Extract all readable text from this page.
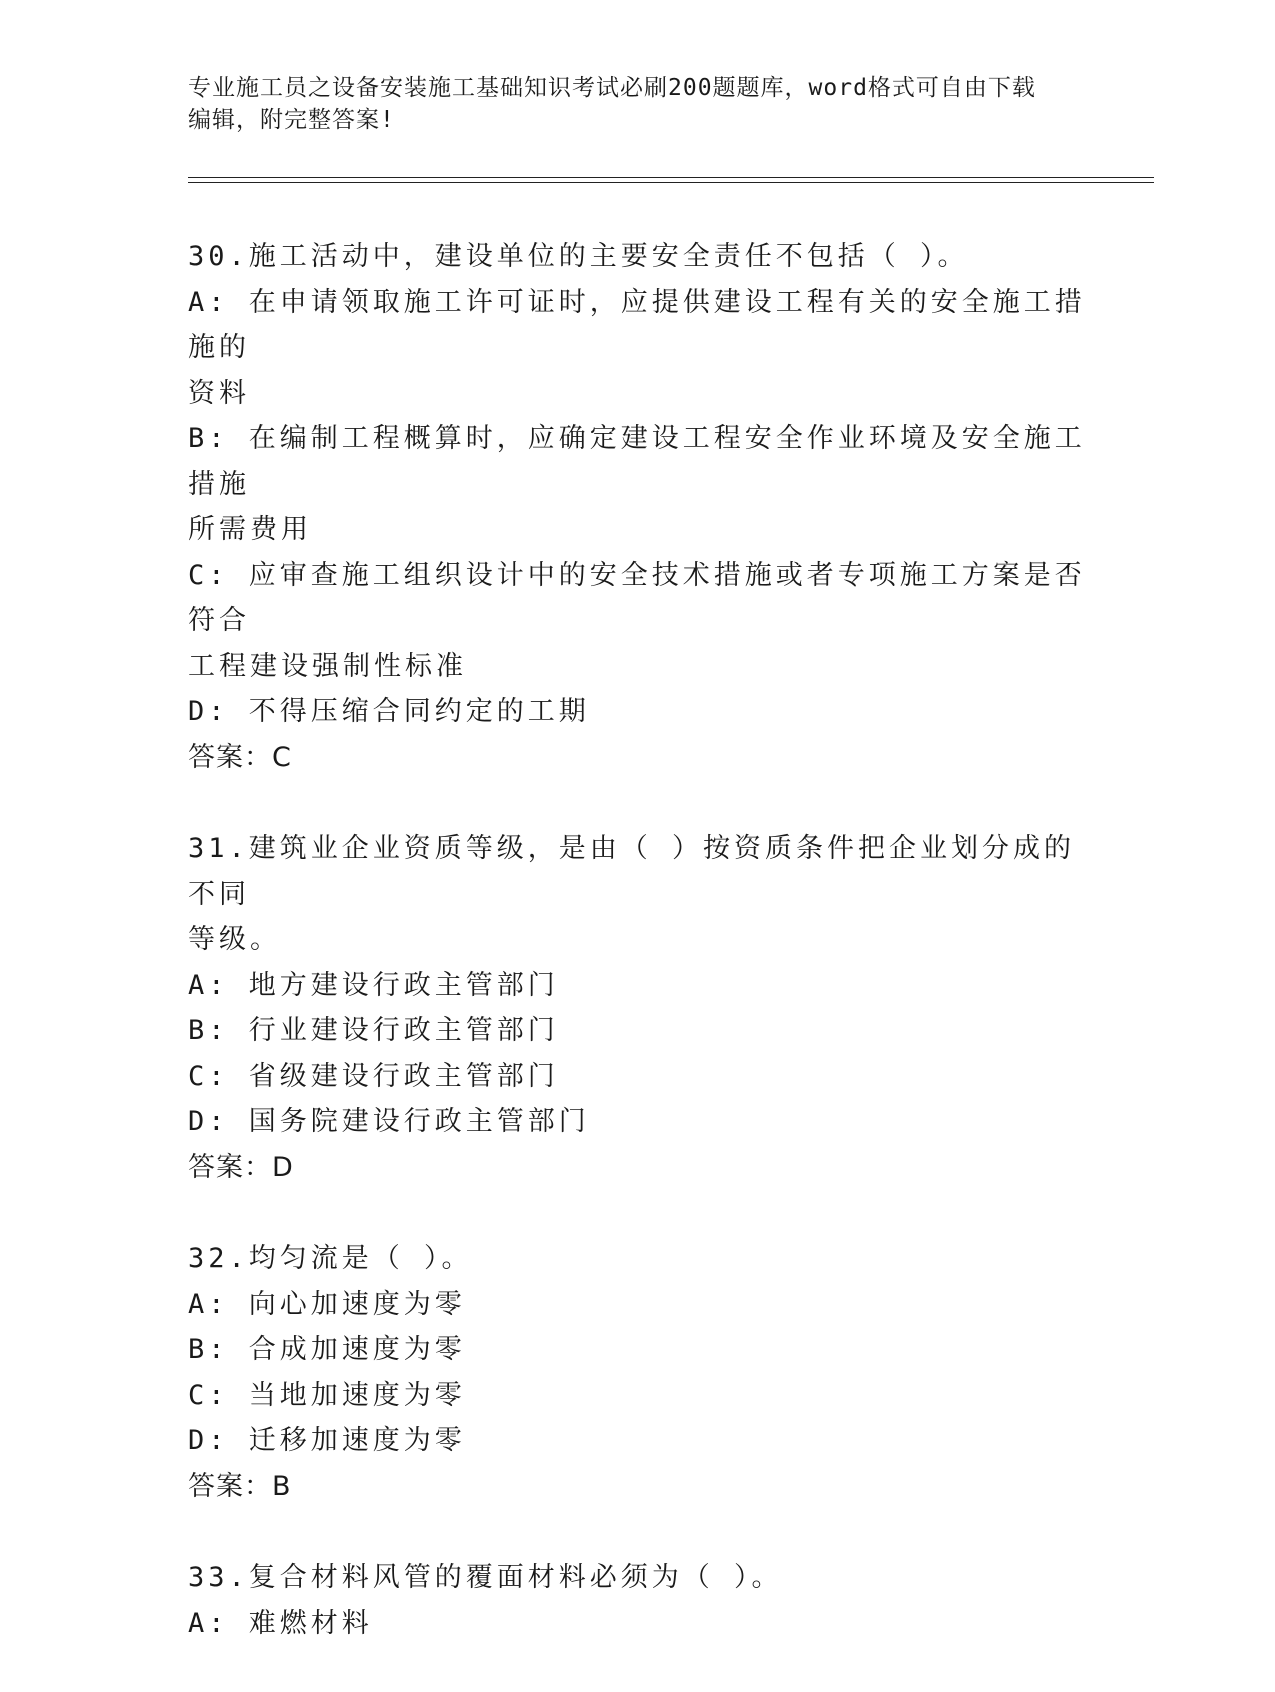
专业施工员之设备安装施工基础知识考试必刷200题题库，word格式可自由下载
编辑，附完整答案!
30.施工活动中，建设单位的主要安全责任不包括（ ）。
A: 在申请领取施工许可证时，应提供建设工程有关的安全施工措施的
资料
B: 在编制工程概算时，应确定建设工程安全作业环境及安全施工措施
所需费用
C: 应审查施工组织设计中的安全技术措施或者专项施工方案是否符合
工程建设强制性标准
D: 不得压缩合同约定的工期
答案：C
31.建筑业企业资质等级，是由（ ）按资质条件把企业划分成的不同
等级。
A: 地方建设行政主管部门
B: 行业建设行政主管部门
C: 省级建设行政主管部门
D: 国务院建设行政主管部门
答案：D
32.均匀流是（ ）。
A: 向心加速度为零
B: 合成加速度为零
C: 当地加速度为零
D: 迁移加速度为零
答案：B
33.复合材料风管的覆面材料必须为（ ）。
A: 难燃材料
